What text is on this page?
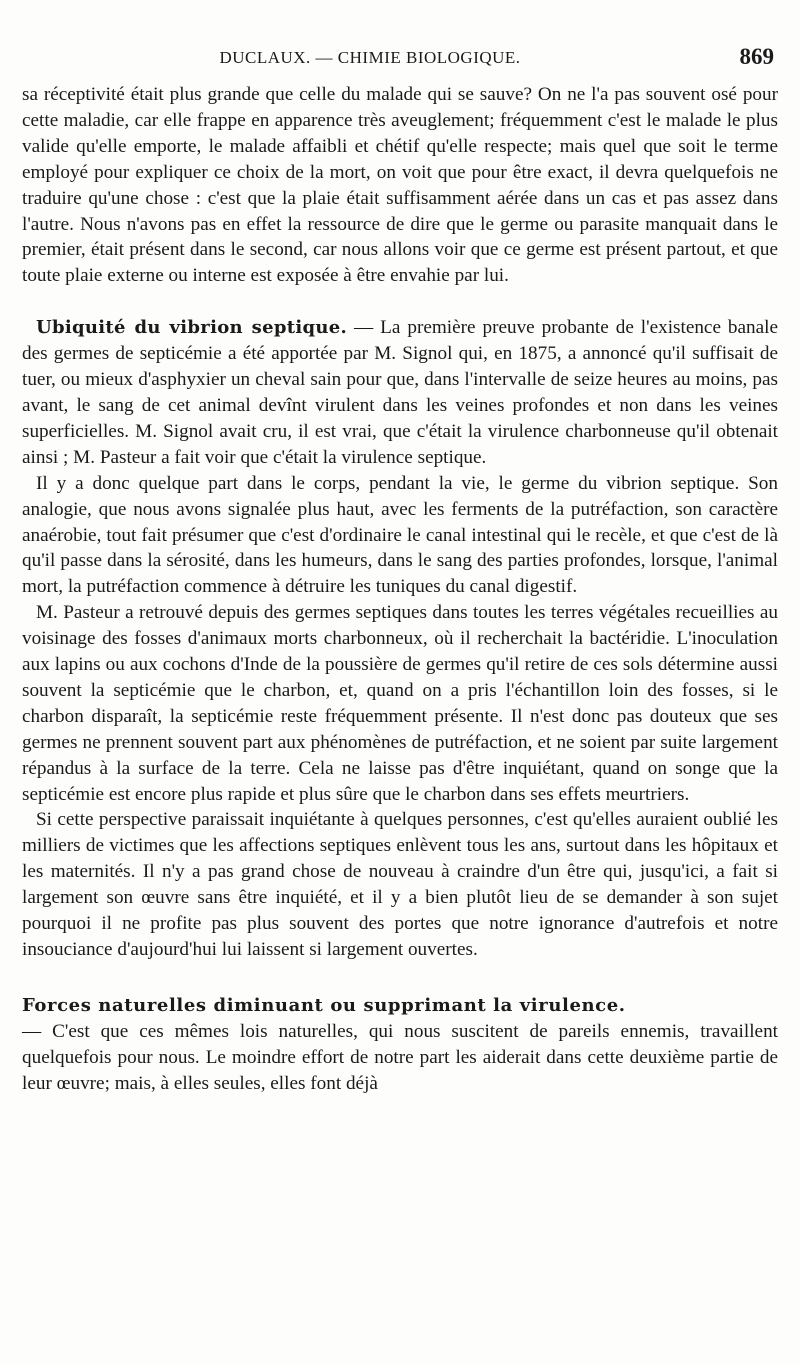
DUCLAUX. — CHIMIE BIOLOGIQUE.	869

sa réceptivité était plus grande que celle du malade qui se sauve? On ne l'a pas souvent osé pour cette maladie, car elle frappe en apparence très aveuglement; fréquemment c'est le malade le plus valide qu'elle emporte, le malade affaibli et chétif qu'elle respecte; mais quel que soit le terme employé pour expliquer ce choix de la mort, on voit que pour être exact, il devra quelquefois ne traduire qu'une chose : c'est que la plaie était suffisamment aérée dans un cas et pas assez dans l'autre. Nous n'avons pas en effet la ressource de dire que le germe ou parasite manquait dans le premier, était présent dans le second, car nous allons voir que ce germe est présent partout, et que toute plaie externe ou interne est exposée à être envahie par lui.

Ubiquité du vibrion septique. — La première preuve probante de l'existence banale des germes de septicémie a été apportée par M. Signol qui, en 1875, a annoncé qu'il suffisait de tuer, ou mieux d'asphyxier un cheval sain pour que, dans l'intervalle de seize heures au moins, pas avant, le sang de cet animal devînt virulent dans les veines profondes et non dans les veines superficielles. M. Signol avait cru, il est vrai, que c'était la virulence charbonneuse qu'il obtenait ainsi ; M. Pasteur a fait voir que c'était la virulence septique.

Il y a donc quelque part dans le corps, pendant la vie, le germe du vibrion septique. Son analogie, que nous avons signalée plus haut, avec les ferments de la putréfaction, son caractère anaérobie, tout fait présumer que c'est d'ordinaire le canal intestinal qui le recèle, et que c'est de là qu'il passe dans la sérosité, dans les humeurs, dans le sang des parties profondes, lorsque, l'animal mort, la putréfaction commence à détruire les tuniques du canal digestif.

M. Pasteur a retrouvé depuis des germes septiques dans toutes les terres végétales recueillies au voisinage des fosses d'animaux morts charbonneux, où il recherchait la bactéridie. L'inoculation aux lapins ou aux cochons d'Inde de la poussière de germes qu'il retire de ces sols détermine aussi souvent la septicémie que le charbon, et, quand on a pris l'échantillon loin des fosses, si le charbon disparaît, la septicémie reste fréquemment présente. Il n'est donc pas douteux que ses germes ne prennent souvent part aux phénomènes de putréfaction, et ne soient par suite largement répandus à la surface de la terre. Cela ne laisse pas d'être inquiétant, quand on songe que la septicémie est encore plus rapide et plus sûre que le charbon dans ses effets meurtriers.

Si cette perspective paraissait inquiétante à quelques personnes, c'est qu'elles auraient oublié les milliers de victimes que les affections septiques enlèvent tous les ans, surtout dans les hôpitaux et les maternités. Il n'y a pas grand chose de nouveau à craindre d'un être qui, jusqu'ici, a fait si largement son œuvre sans être inquiété, et il y a bien plutôt lieu de se demander à son sujet pourquoi il ne profite pas plus souvent des portes que notre ignorance d'autrefois et notre insouciance d'aujourd'hui lui laissent si largement ouvertes.

Forces naturelles diminuant ou supprimant la virulence.
— C'est que ces mêmes lois naturelles, qui nous suscitent de pareils ennemis, travaillent quelquefois pour nous. Le moindre effort de notre part les aiderait dans cette deuxième partie de leur œuvre; mais, à elles seules, elles font déjà
